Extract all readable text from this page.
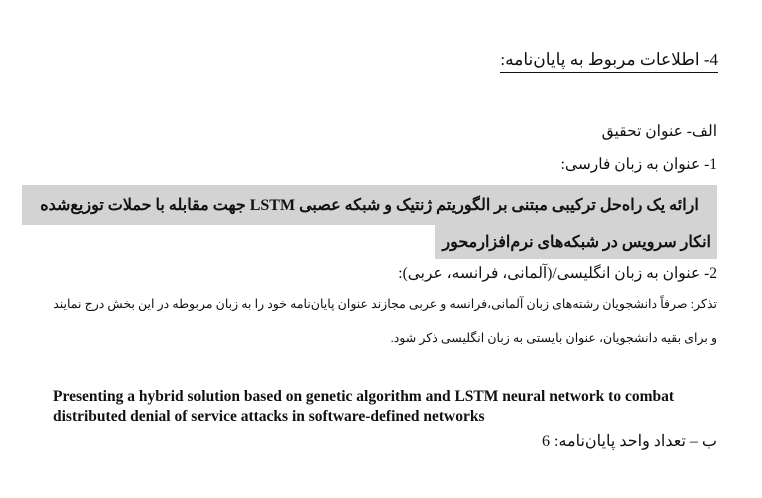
4- اطلاعات مربوط به پایان‌نامه:
الف- عنوان تحقیق
1- عنوان به زبان فارسی:
ارائه یک راه‌حل ترکیبی مبتنی بر الگوریتم ژنتیک و شبکه عصبی LSTM جهت مقابله با حملات توزیع‌شده
انکار سرویس در شبکه‌های نرم‌افزارمحور
2- عنوان به زبان انگلیسی/(آلمانی، فرانسه، عربی):
تذکر: صرفاً دانشجویان رشته‌های زبان آلمانی،فرانسه و عربی مجازند عنوان پایان‌نامه خود را به زبان مربوطه در این بخش درج نمایند
و برای بقیه دانشجویان، عنوان بایستی به زبان انگلیسی ذکر شود.
Presenting a hybrid solution based on genetic algorithm and LSTM neural network to combat distributed denial of service attacks in software-defined networks
ب – تعداد واحد پایان‌نامه: 6
